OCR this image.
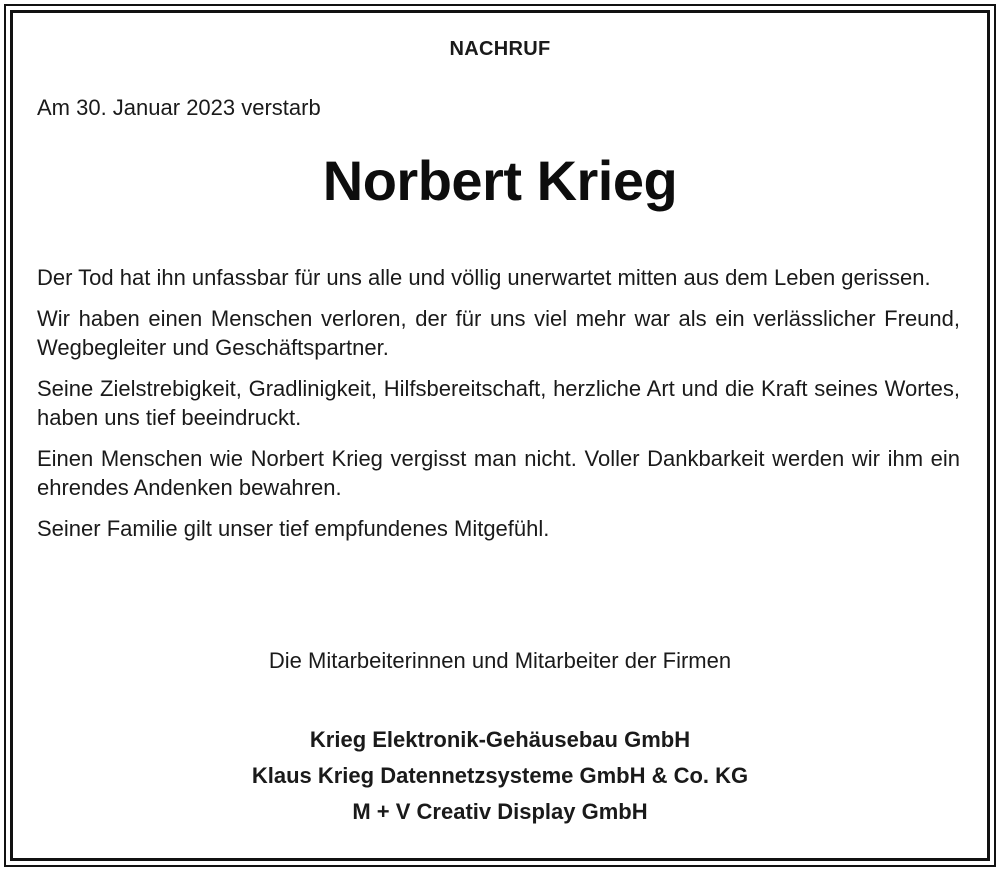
NACHRUF
Am 30. Januar 2023 verstarb
Norbert Krieg

Der Tod hat ihn unfassbar für uns alle und völlig unerwartet mitten aus dem Leben gerissen.

Wir haben einen Menschen verloren, der für uns viel mehr war als ein verlässlicher Freund, Wegbegleiter und Geschäftspartner.

Seine Zielstrebigkeit, Gradlinigkeit, Hilfsbereitschaft, herzliche Art und die Kraft seines Wortes, haben uns tief beeindruckt.

Einen Menschen wie Norbert Krieg vergisst man nicht. Voller Dankbarkeit werden wir ihm ein ehrendes Andenken bewahren.

Seiner Familie gilt unser tief empfundenes Mitgefühl.

Die Mitarbeiterinnen und Mitarbeiter der Firmen
Krieg Elektronik-Gehäusebau GmbH
Klaus Krieg Datennetzsysteme GmbH & Co. KG
M + V Creativ Display GmbH
